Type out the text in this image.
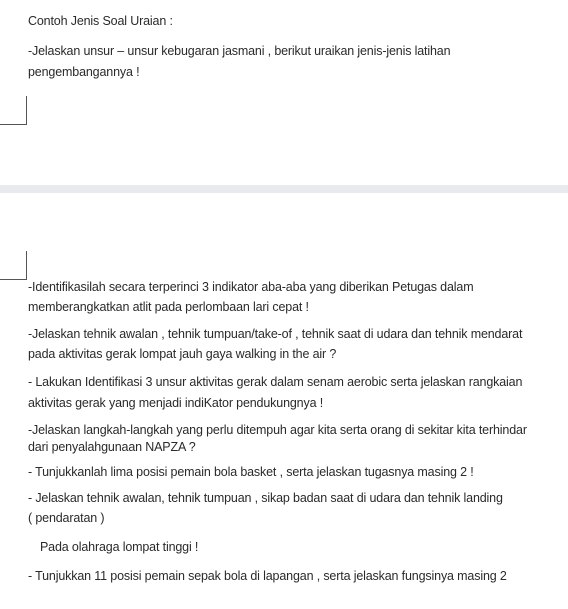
Contoh Jenis Soal Uraian :
-Jelaskan unsur – unsur kebugaran jasmani , berikut uraikan jenis-jenis latihan
pengembangannya !
-Identifikasilah secara terperinci 3 indikator aba-aba yang diberikan Petugas dalam
memberangkatkan atlit pada perlombaan lari cepat !
-Jelaskan tehnik awalan , tehnik tumpuan/take-of , tehnik saat di udara dan tehnik mendarat
pada aktivitas gerak lompat jauh gaya walking in the air ?
- Lakukan Identifikasi 3 unsur aktivitas gerak dalam senam aerobic serta jelaskan rangkaian
aktivitas gerak yang menjadi indiKator pendukungnya !
-Jelaskan langkah-langkah yang perlu ditempuh agar kita serta orang di sekitar kita terhindar
dari penyalahgunaan NAPZA ?
- Tunjukkanlah lima posisi pemain bola basket , serta jelaskan tugasnya masing 2 !
- Jelaskan tehnik awalan, tehnik tumpuan , sikap badan saat di udara dan tehnik landing
( pendaratan )
Pada olahraga lompat tinggi !
- Tunjukkan 11 posisi pemain sepak bola di lapangan , serta jelaskan fungsinya masing 2
